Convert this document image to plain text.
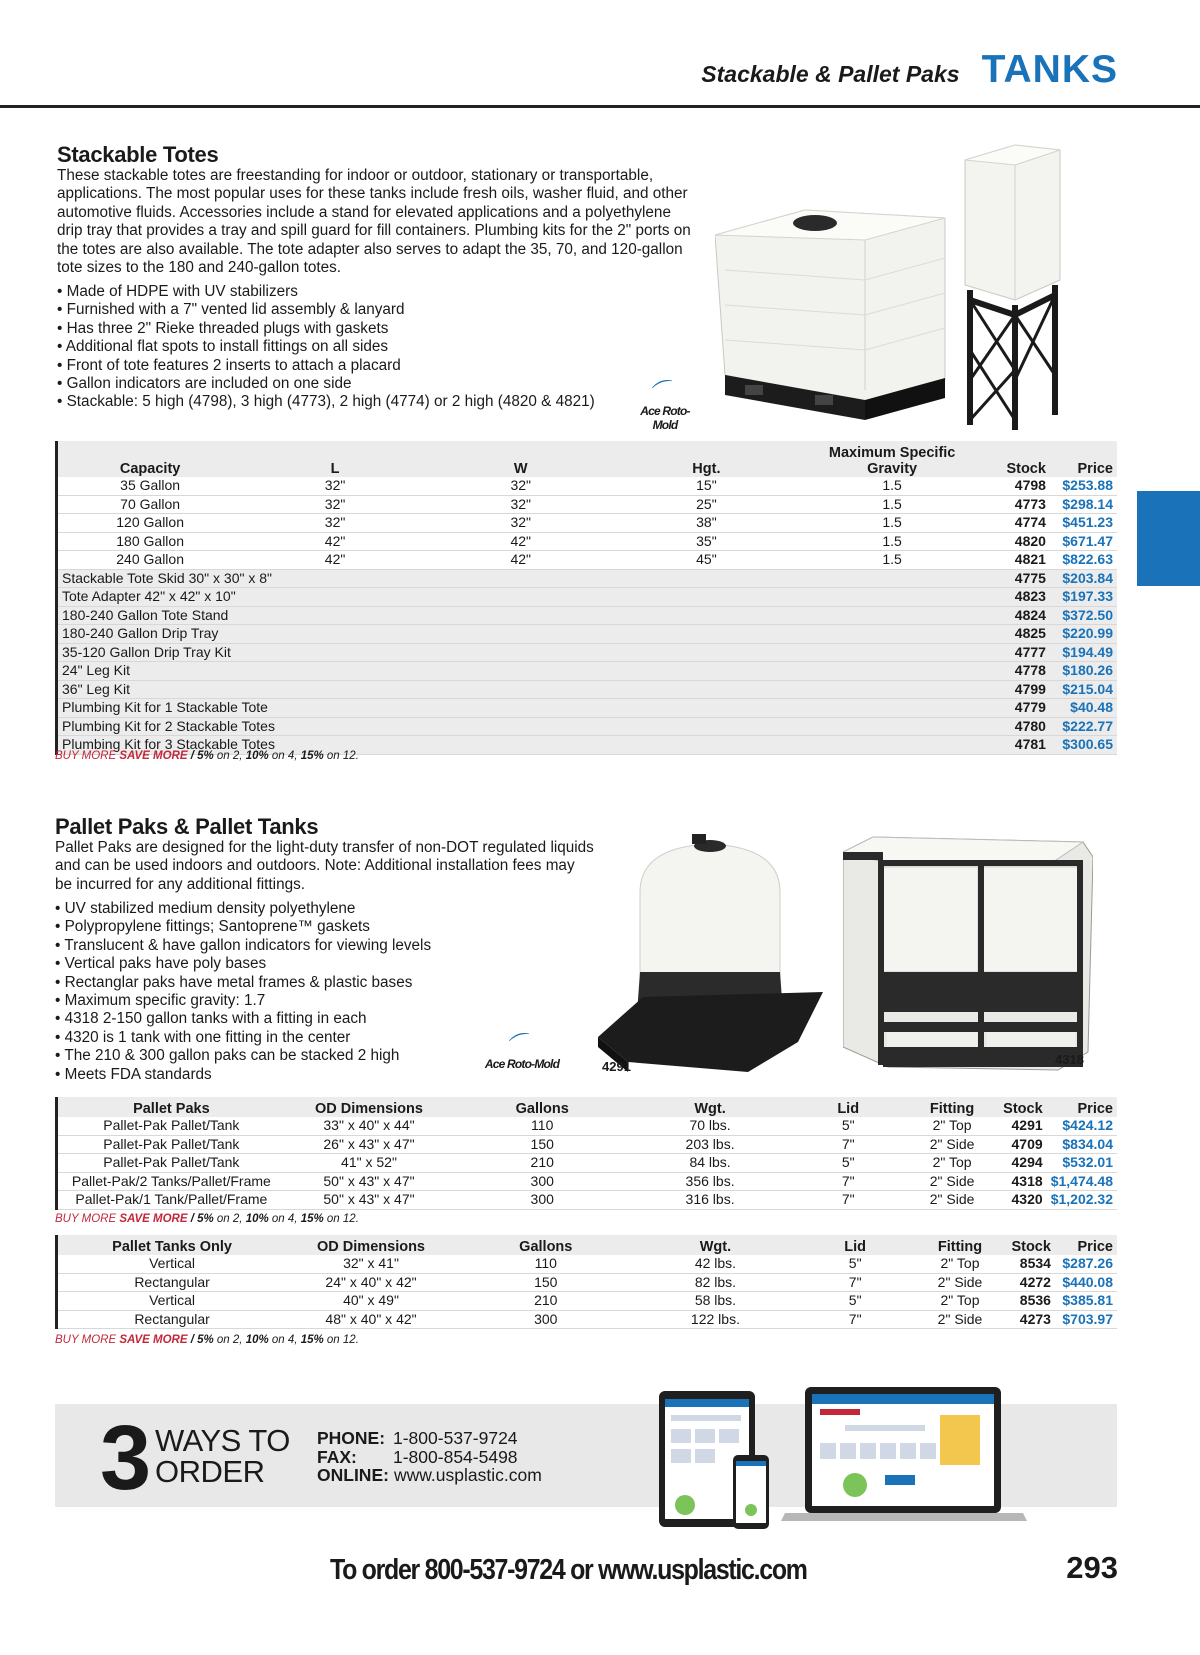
Stackable & Pallet Paks TANKS
Stackable Totes
These stackable totes are freestanding for indoor or outdoor, stationary or transportable, applications. The most popular uses for these tanks include fresh oils, washer fluid, and other automotive fluids. Accessories include a stand for elevated applications and a polyethylene drip tray that provides a tray and spill guard for fill containers. Plumbing kits for the 2" ports on the totes are also available. The tote adapter also serves to adapt the 35, 70, and 120-gallon tote sizes to the 180 and 240-gallon totes.
• Made of HDPE with UV stabilizers
• Furnished with a 7" vented lid assembly & lanyard
• Has three 2" Rieke threaded plugs with gaskets
• Additional flat spots to install fittings on all sides
• Front of tote features 2 inserts to attach a placard
• Gallon indicators are included on one side
• Stackable: 5 high (4798), 3 high (4773), 2 high (4774) or 2 high (4820 & 4821)	⌒
Ace Roto-Mold

Capacity	L	W	Hgt.	Maximum Specific Gravity	Stock	Price
35 Gallon	32"	32"	15"	1.5	4798	$253.88
70 Gallon	32"	32"	25"	1.5	4773	$298.14
120 Gallon	32"	32"	38"	1.5	4774	$451.23
180 Gallon	42"	42"	35"	1.5	4820	$671.47
240 Gallon	42"	42"	45"	1.5	4821	$822.63
Stackable Tote Skid 30" x 30" x 8"					4775	$203.84
Tote Adapter 42" x 42" x 10"					4823	$197.33
180-240 Gallon Tote Stand					4824	$372.50
180-240 Gallon Drip Tray					4825	$220.99
35-120 Gallon Drip Tray Kit					4777	$194.49
24" Leg Kit					4778	$180.26
36" Leg Kit					4799	$215.04
Plumbing Kit for 1 Stackable Tote					4779	$40.48
Plumbing Kit for 2 Stackable Totes					4780	$222.77
Plumbing Kit for 3 Stackable Totes					4781	$300.65
BUY MORE SAVE MORE / 5% on 2, 10% on 4, 15% on 12.
Pallet Paks & Pallet Tanks
Pallet Paks are designed for the light-duty transfer of non-DOT regulated liquids and can be used indoors and outdoors. Note: Additional installation fees may be incurred for any additional fittings.
• UV stabilized medium density polyethylene
• Polypropylene fittings; Santoprene™ gaskets
• Translucent & have gallon indicators for viewing levels
• Vertical paks have poly bases
• Rectanglar paks have metal frames & plastic bases
• Maximum specific gravity: 1.7
• 4318 2-150 gallon tanks with a fitting in each
• 4320 is 1 tank with one fitting in the center
• The 210 & 300 gallon paks can be stacked 2 high
• Meets FDA standards
⌒
Ace Roto-Mold
	4291	4318
Pallet Paks	OD Dimensions	Gallons	Wgt.	Lid	Fitting	Stock	Price
Pallet-Pak Pallet/Tank	33" x 40" x 44"	110	70 lbs.	5"	2" Top	4291	$424.12
Pallet-Pak Pallet/Tank	26" x 43" x 47"	150	203 lbs.	7"	2" Side	4709	$834.04
Pallet-Pak Pallet/Tank	41" x 52"	210	84 lbs.	5"	2" Top	4294	$532.01
Pallet-Pak/2 Tanks/Pallet/Frame	50" x 43" x 47"	300	356 lbs.	7"	2" Side	4318	$1,474.48
Pallet-Pak/1 Tank/Pallet/Frame	50" x 43" x 47"	300	316 lbs.	7"	2" Side	4320	$1,202.32
BUY MORE SAVE MORE / 5% on 2, 10% on 4, 15% on 12.
Pallet Tanks Only	OD Dimensions	Gallons	Wgt.	Lid	Fitting	Stock	Price
Vertical	32" x 41"	110	42 lbs.	5"	2" Top	8534	$287.26
Rectangular	24" x 40" x 42"	150	82 lbs.	7"	2" Side	4272	$440.08
Vertical	40" x 49"	210	58 lbs.	5"	2" Top	8536	$385.81
Rectangular	48" x 40" x 42"	300	122 lbs.	7"	2" Side	4273	$703.97
BUY MORE SAVE MORE / 5% on 2, 10% on 4, 15% on 12.
3 WAYS TO
ORDER
PHONE: 1-800-537-9724
FAX: 1-800-854-5498
ONLINE: www.usplastic.com
To order 800-537-9724 or www.usplastic.com	293
